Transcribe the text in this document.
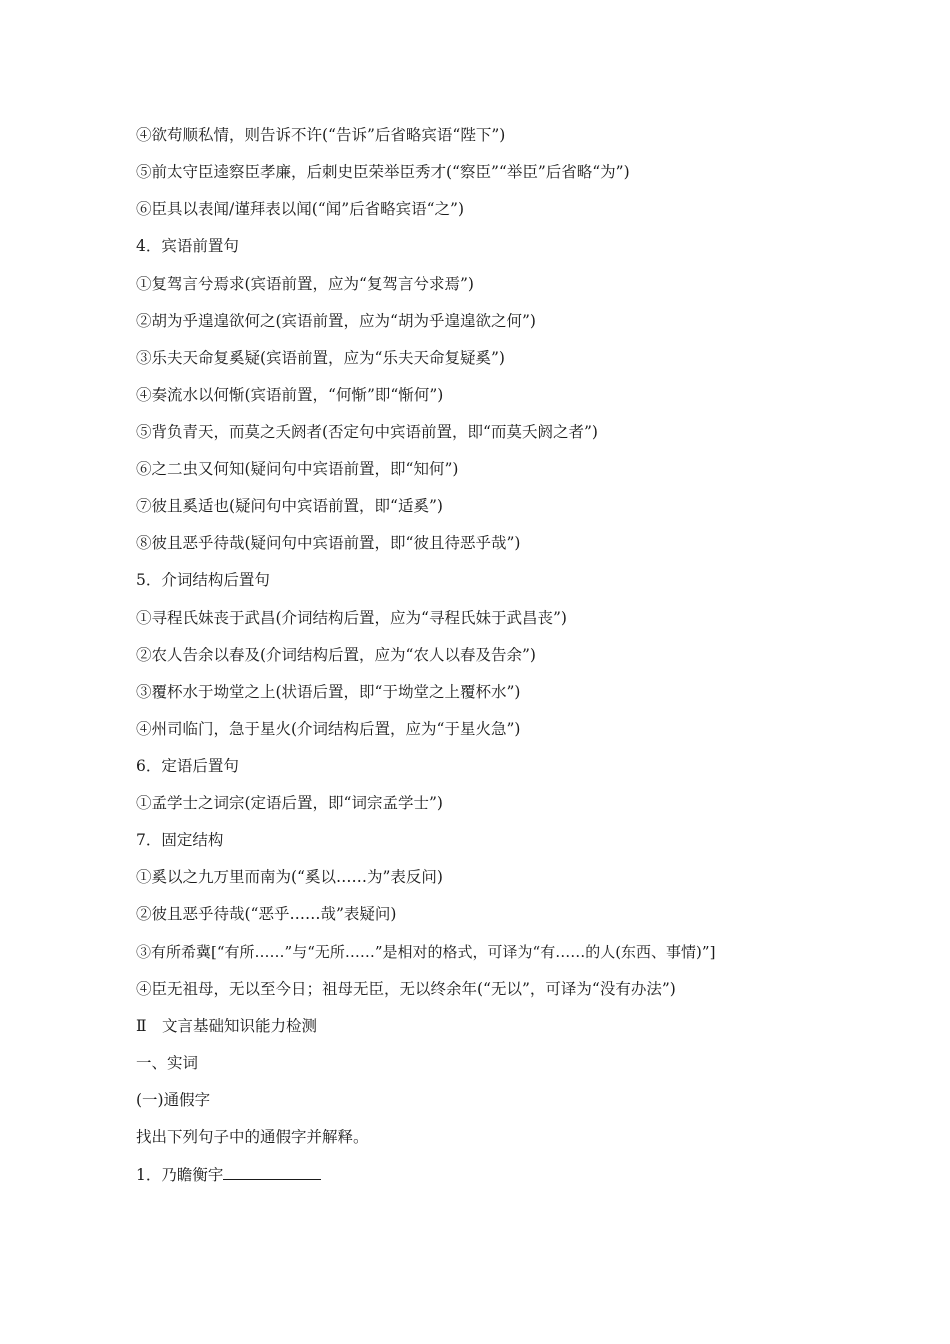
④欲苟顺私情，则告诉不许(“告诉”后省略宾语“陛下”)
⑤前太守臣逵察臣孝廉，后刺史臣荣举臣秀才(“察臣”“举臣”后省略“为”)
⑥臣具以表闻/谨拜表以闻(“闻”后省略宾语“之”)
4．宾语前置句
①复驾言兮焉求(宾语前置，应为“复驾言兮求焉”)
②胡为乎遑遑欲何之(宾语前置，应为“胡为乎遑遑欲之何”)
③乐夫天命复奚疑(宾语前置，应为“乐夫天命复疑奚”)
④奏流水以何惭(宾语前置，“何惭”即“惭何”)
⑤背负青天，而莫之夭阏者(否定句中宾语前置，即“而莫夭阏之者”)
⑥之二虫又何知(疑问句中宾语前置，即“知何”)
⑦彼且奚适也(疑问句中宾语前置，即“适奚”)
⑧彼且恶乎待哉(疑问句中宾语前置，即“彼且待恶乎哉”)
5．介词结构后置句
①寻程氏妹丧于武昌(介词结构后置，应为“寻程氏妹于武昌丧”)
②农人告余以春及(介词结构后置，应为“农人以春及告余”)
③覆杯水于坳堂之上(状语后置，即“于坳堂之上覆杯水”)
④州司临门，急于星火(介词结构后置，应为“于星火急”)
6．定语后置句
①孟学士之词宗(定语后置，即“词宗孟学士”)
7．固定结构
①奚以之九万里而南为(“奚以……为”表反问)
②彼且恶乎待哉(“恶乎……哉”表疑问)
③有所希冀[“有所……”与“无所……”是相对的格式，可译为“有……的人(东西、事情)”]
④臣无祖母，无以至今日；祖母无臣，无以终余年(“无以”，可译为“没有办法”)
Ⅱ　文言基础知识能力检测
一、实词
(一)通假字
找出下列句子中的通假字并解释。
1．乃瞻衡宇
